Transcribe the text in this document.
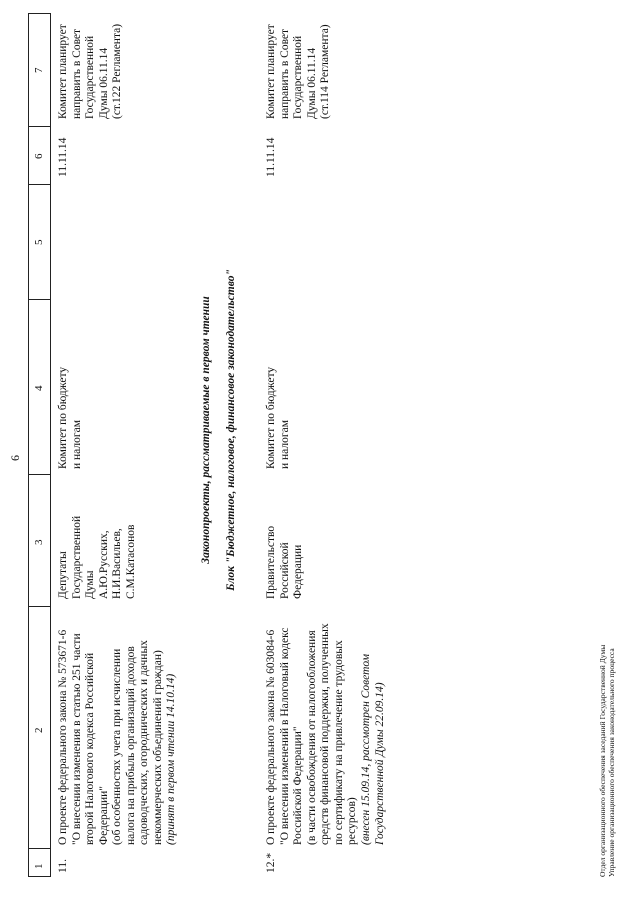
6
1
2
3
4
5
6
7
11.
О проекте федерального закона № 573671-6
"О внесении изменения в статью 251 части
второй Налогового кодекса Российской
Федерации"
(об особенностях учета при исчислении
налога на прибыль организаций доходов
садоводческих, огороднических и дачных
некоммерческих объединений граждан)
(принят в первом чтении 14.10.14)
Депутаты
Государственной
Думы
А.Ю.Русских,
Н.И.Васильев,
С.М.Катасонов
Комитет по бюджету
и налогам
11.11.14
Комитет планирует
направить в Совет
Государственной
Думы 06.11.14
(ст.122 Регламента)
Законопроекты, рассматриваемые в первом чтении Блок "Бюджетное, налоговое, финансовое законодательство"
12.*
О проекте федерального закона № 603084-6
"О внесении изменений в Налоговый кодекс
Российской Федерации"
(в части освобождения от налогообложения
средств финансовой поддержки, полученных
по сертификату на привлечение трудовых
ресурсов) (внесен 15.09.14, рассмотрен Советом
Государственной Думы 22.09.14)
Правительство
Российской
Федерации
Комитет по бюджету
и налогам
11.11.14
Комитет планирует
направить в Совет
Государственной
Думы 06.11.14
(ст.114 Регламента)
Отдел организационного обеспечения заседаний Государственной Думы
Управление организационного обеспечения законодательного процесса
